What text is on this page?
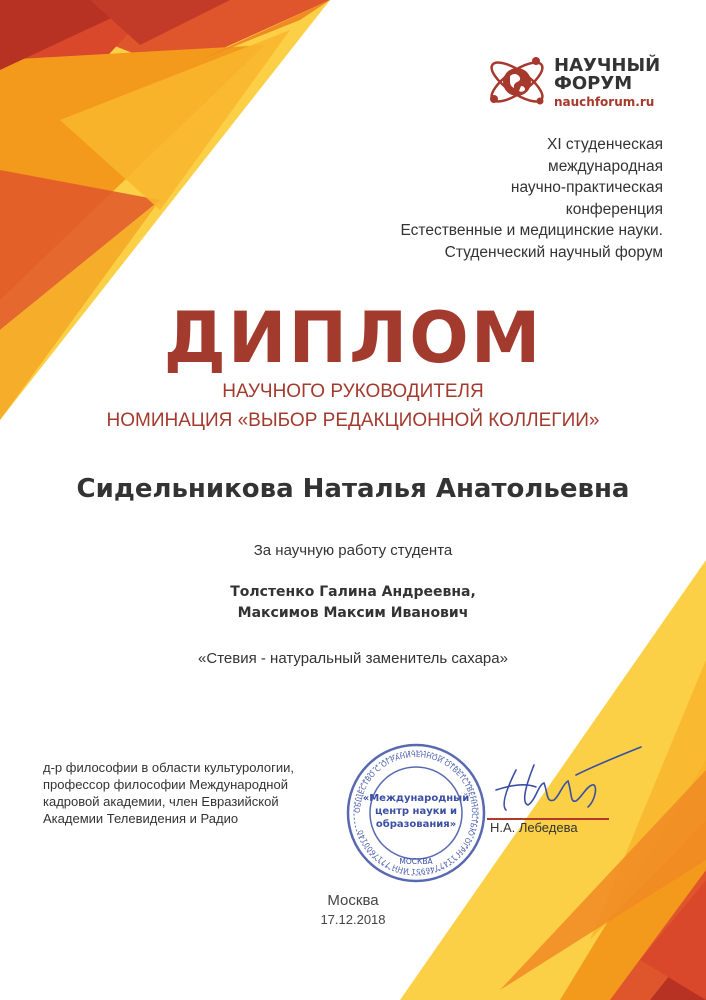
НАУЧНЫЙ
ФОРУМ
nauchforum.ru
XI студенческая
международная
научно-практическая
конференция
Естественные и медицинские науки.
Студенческий научный форум
ДИПЛОМ
НАУЧНОГО РУКОВОДИТЕЛЯ
НОМИНАЦИЯ «ВЫБОР РЕДАКЦИОННОЙ КОЛЛЕГИИ»
Сидельникова Наталья Анатольевна
За научную работу студента
Толстенко Галина Андреевна,
Максимов Максим Иванович
«Стевия - натуральный заменитель сахара»
д-р философии в области культурологии,
профессор философии Международной
кадровой академии, член Евразийской
Академии Телевидения и Радио
ОБЩЕСТВО С ОГРАНИЧЕННОЙ ОТВЕТСТВЕННОСТЬЮ ОГРН 1147746951 ИНН 7717600140
«Международный
центр науки и
образования»
МОСКВА
Н.А. Лебедева
Москва
17.12.2018
